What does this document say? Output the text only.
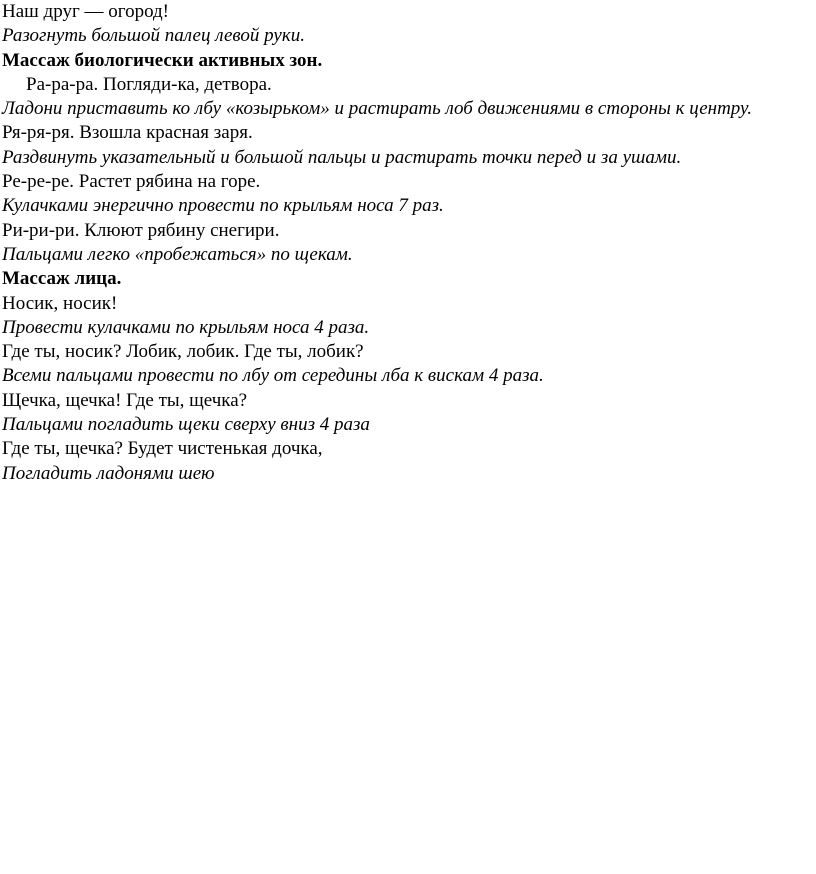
Наш друг — огород!

Разогнуть большой палец левой руки.

Массаж биологически активных зон.

Ра-ра-ра. Погляди-ка, детвора.

Ладони приставить ко лбу «козырьком» и растирать лоб движениями в стороны к центру.

Ря-ря-ря. Взошла красная заря.

Раздвинуть указательный и большой пальцы и растирать точки перед и за ушами.

Ре-ре-ре. Растет рябина на горе.

Кулачками энергично провести по крыльям носа 7 раз.

Ри-ри-ри. Клюют рябину снегири.

Пальцами легко «пробежаться» по щекам.

Массаж лица.

Носик, носик!

Провести кулачками по крыльям носа 4 раза.

Где ты, носик? Лобик, лобик. Где ты, лобик?

Всеми пальцами провести по лбу от середины лба к вискам 4 раза.

Щечка, щечка! Где ты, щечка?

Пальцами погладить щеки сверху вниз 4 раза

Где ты, щечка? Будет чистенькая дочка,

Погладить ладонями шею
